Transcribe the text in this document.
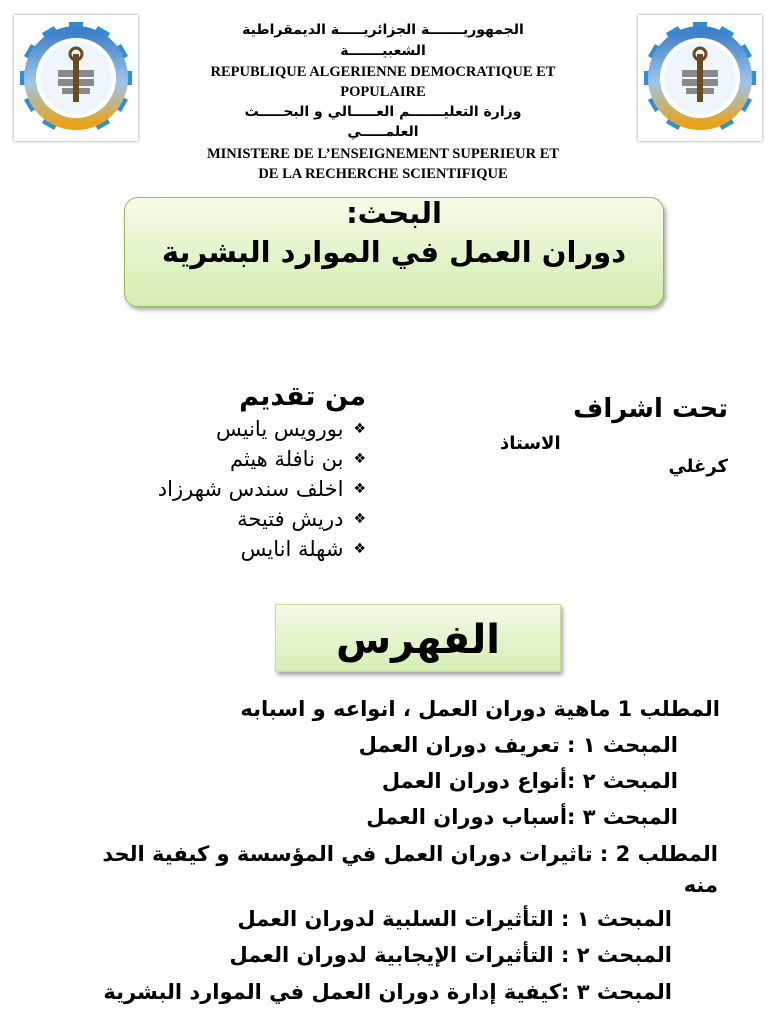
الجمهوريـــــــة الجزائريـــــة الديمقراطية
الشعبيـــــــة
REPUBLIQUE ALGERIENNE DEMOCRATIQUE ET
POPULAIRE
وزارة التعليـــــــم العـــــالي و البحـــــث
العلمـــــي
MINISTERE DE L’ENSEIGNEMENT SUPERIEUR ET
DE LA RECHERCHE SCIENTIFIQUE
البحث:
دوران العمل في الموارد البشرية
من تقديم
❖بورويس يانيس
❖بن نافلة هيثم
❖اخلف سندس شهرزاد
❖دريش فتيحة
❖شهلة انايس
تحت اشراف
الاستاذ
كرغلي
الفهرس
المطلب 1 ماهية دوران العمل ، انواعه و اسبابه
المبحث ١ : تعريف دوران العمل
المبحث ٢ :أنواع دوران العمل
المبحث ٣ :أسباب دوران العمل
المطلب 2 : تاثيرات دوران العمل في المؤسسة و كيفية الحد
منه
المبحث ١ : التأثيرات السلبية لدوران العمل
المبحث ٢ : التأثيرات الإيجابية لدوران العمل
المبحث ٣ :كيفية إدارة دوران العمل في الموارد البشرية
